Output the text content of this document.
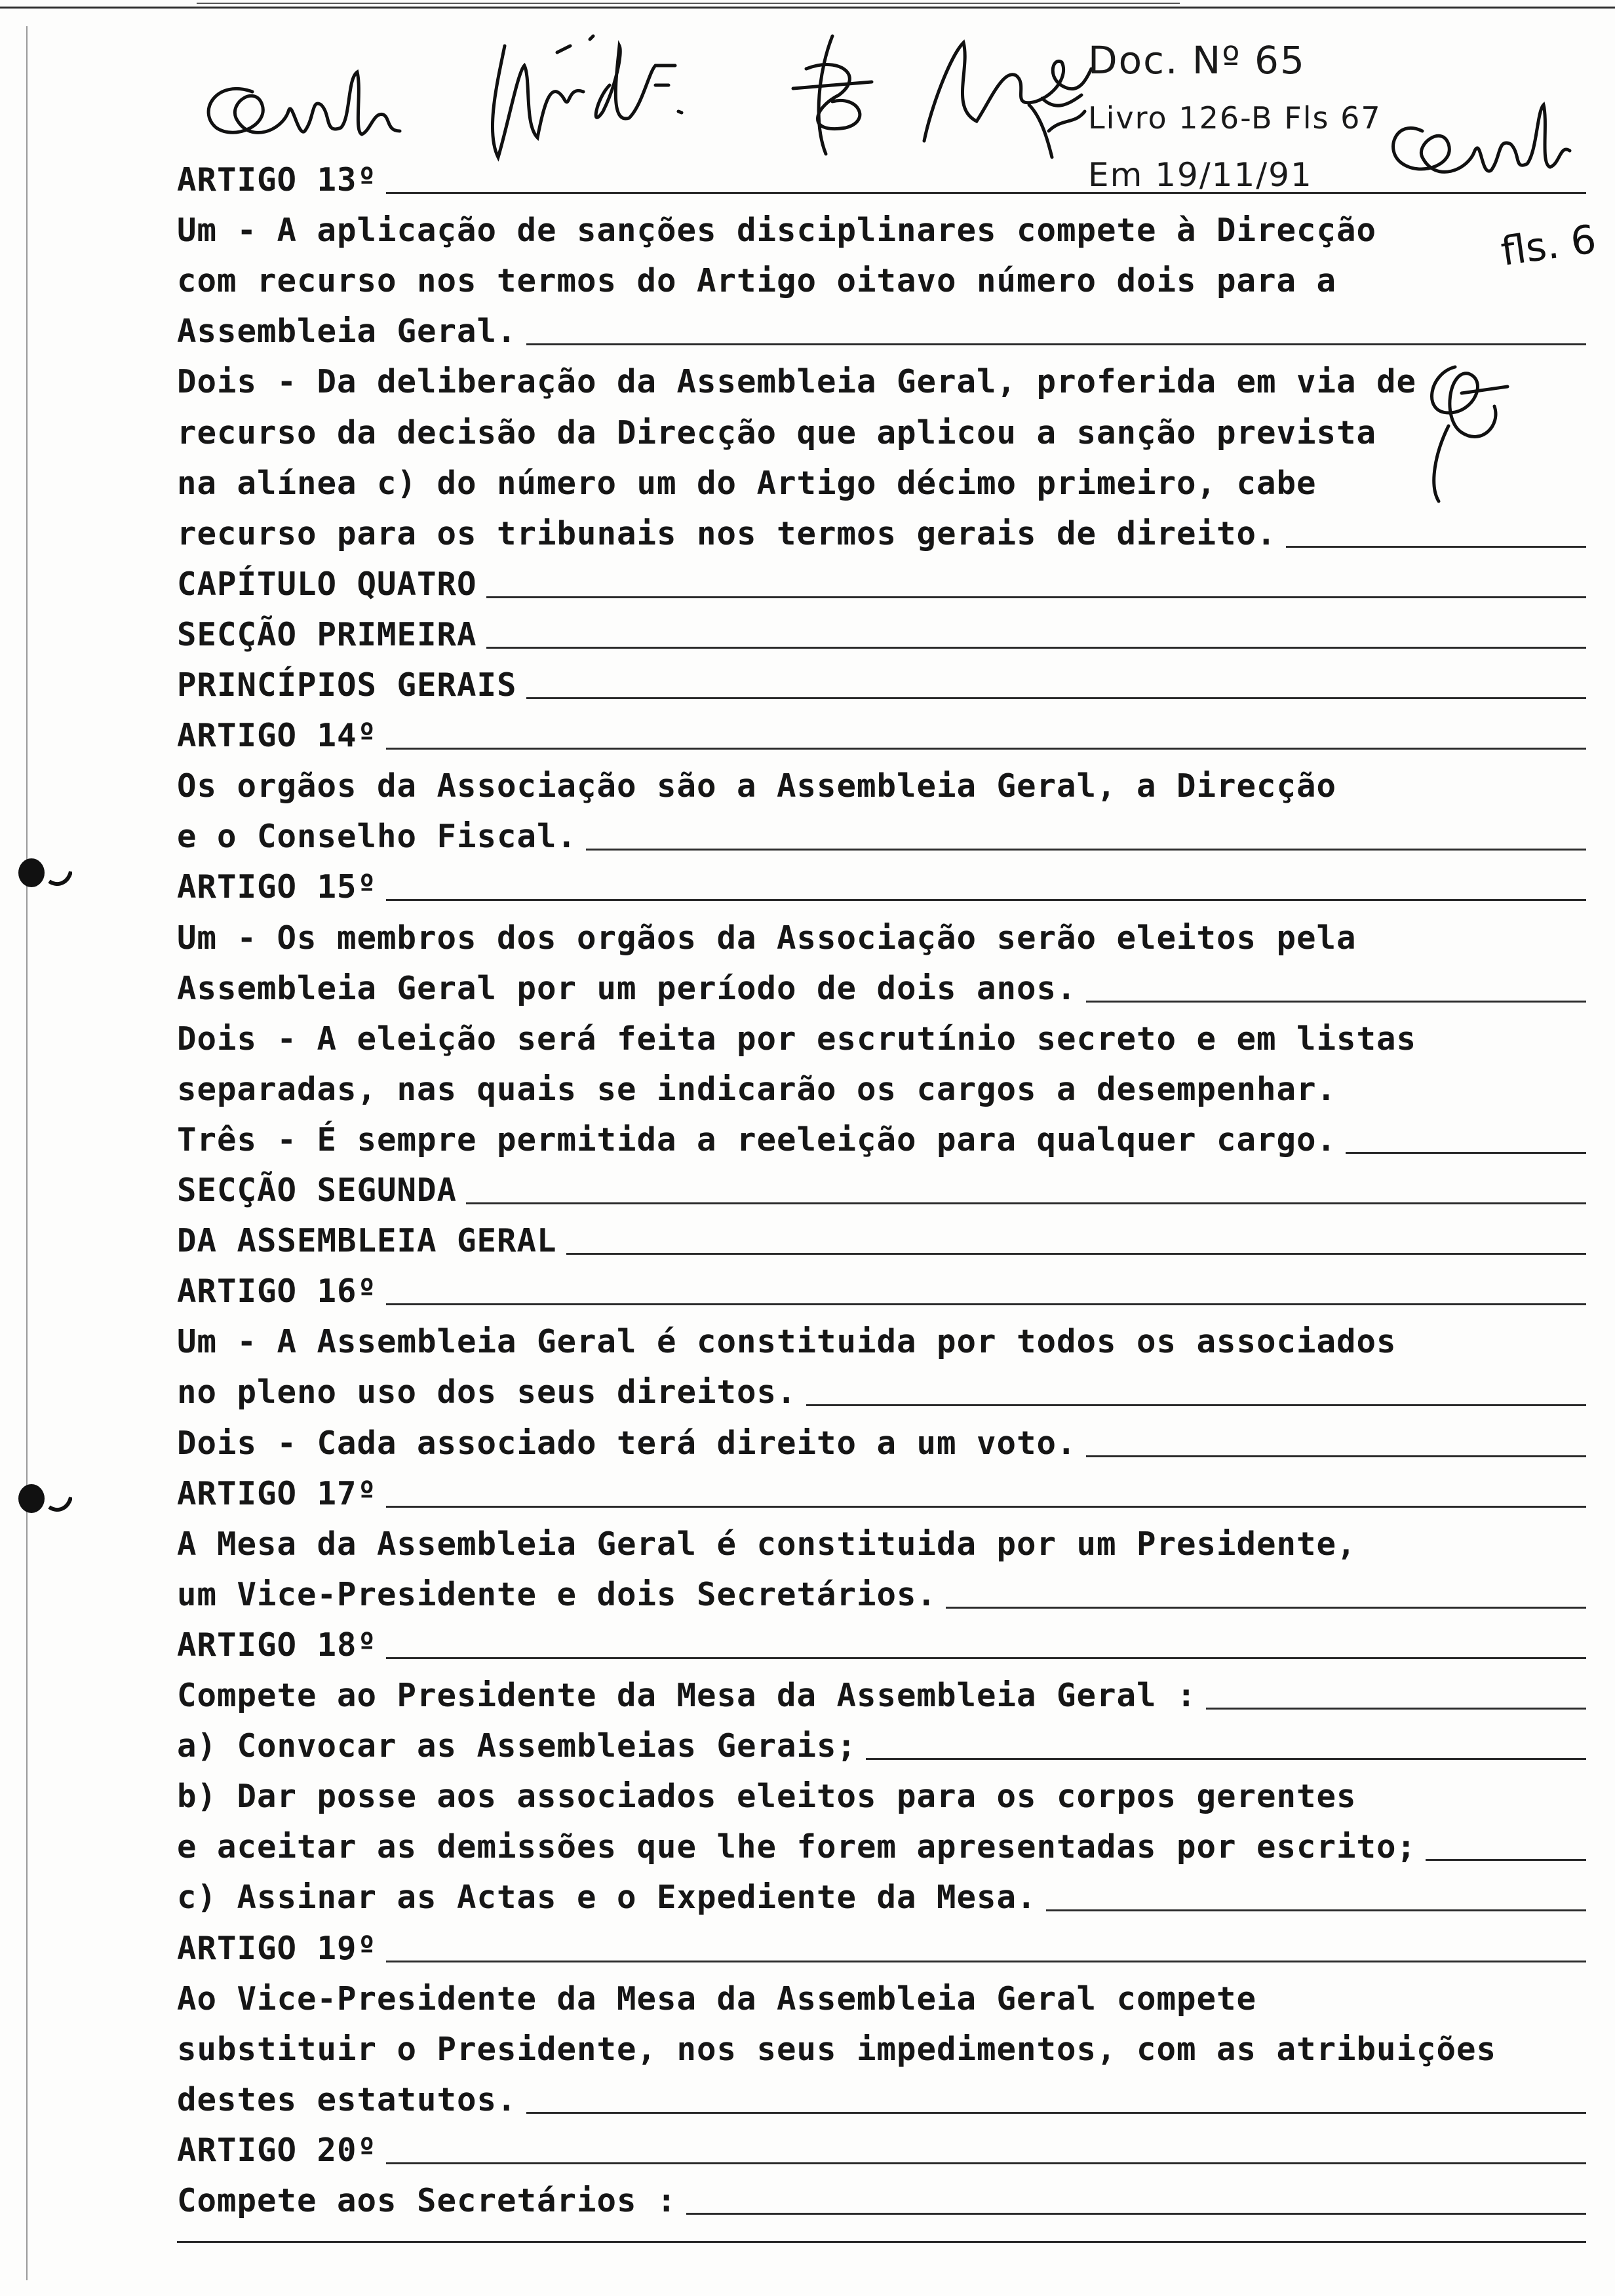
Doc. Nº 65
Livro 126-B Fls 67
Em 19/11/91
fls. 6
ARTIGO 13º
Um - A aplicação de sanções disciplinares compete à Direcção
com recurso nos termos do Artigo oitavo número dois para a
Assembleia Geral.
Dois - Da deliberação da Assembleia Geral, proferida em via de
recurso da decisão da Direcção que aplicou a sanção prevista
na alínea c) do número um do Artigo décimo primeiro, cabe
recurso para os tribunais nos termos gerais de direito.
CAPÍTULO QUATRO
SECÇÃO PRIMEIRA
PRINCÍPIOS GERAIS
ARTIGO 14º
Os orgãos da Associação são a Assembleia Geral, a Direcção
e o Conselho Fiscal.
ARTIGO 15º
Um - Os membros dos orgãos da Associação serão eleitos pela
Assembleia Geral por um período de dois anos.
Dois - A eleição será feita por escrutínio secreto e em listas
separadas, nas quais se indicarão os cargos a desempenhar.
Três - É sempre permitida a reeleição para qualquer cargo.
SECÇÃO SEGUNDA
DA ASSEMBLEIA GERAL
ARTIGO 16º
Um - A Assembleia Geral é constituida por todos os associados
no pleno uso dos seus direitos.
Dois - Cada associado terá direito a um voto.
ARTIGO 17º
A Mesa da Assembleia Geral é constituida por um Presidente,
um Vice-Presidente e dois Secretários.
ARTIGO 18º
Compete ao Presidente da Mesa da Assembleia Geral :
a) Convocar as Assembleias Gerais;
b) Dar posse aos associados eleitos para os corpos gerentes
e aceitar as demissões que lhe forem apresentadas por escrito;
c) Assinar as Actas e o Expediente da Mesa.
ARTIGO 19º
Ao Vice-Presidente da Mesa da Assembleia Geral compete
substituir o Presidente, nos seus impedimentos, com as atribuições
destes estatutos.
ARTIGO 20º
Compete aos Secretários :
